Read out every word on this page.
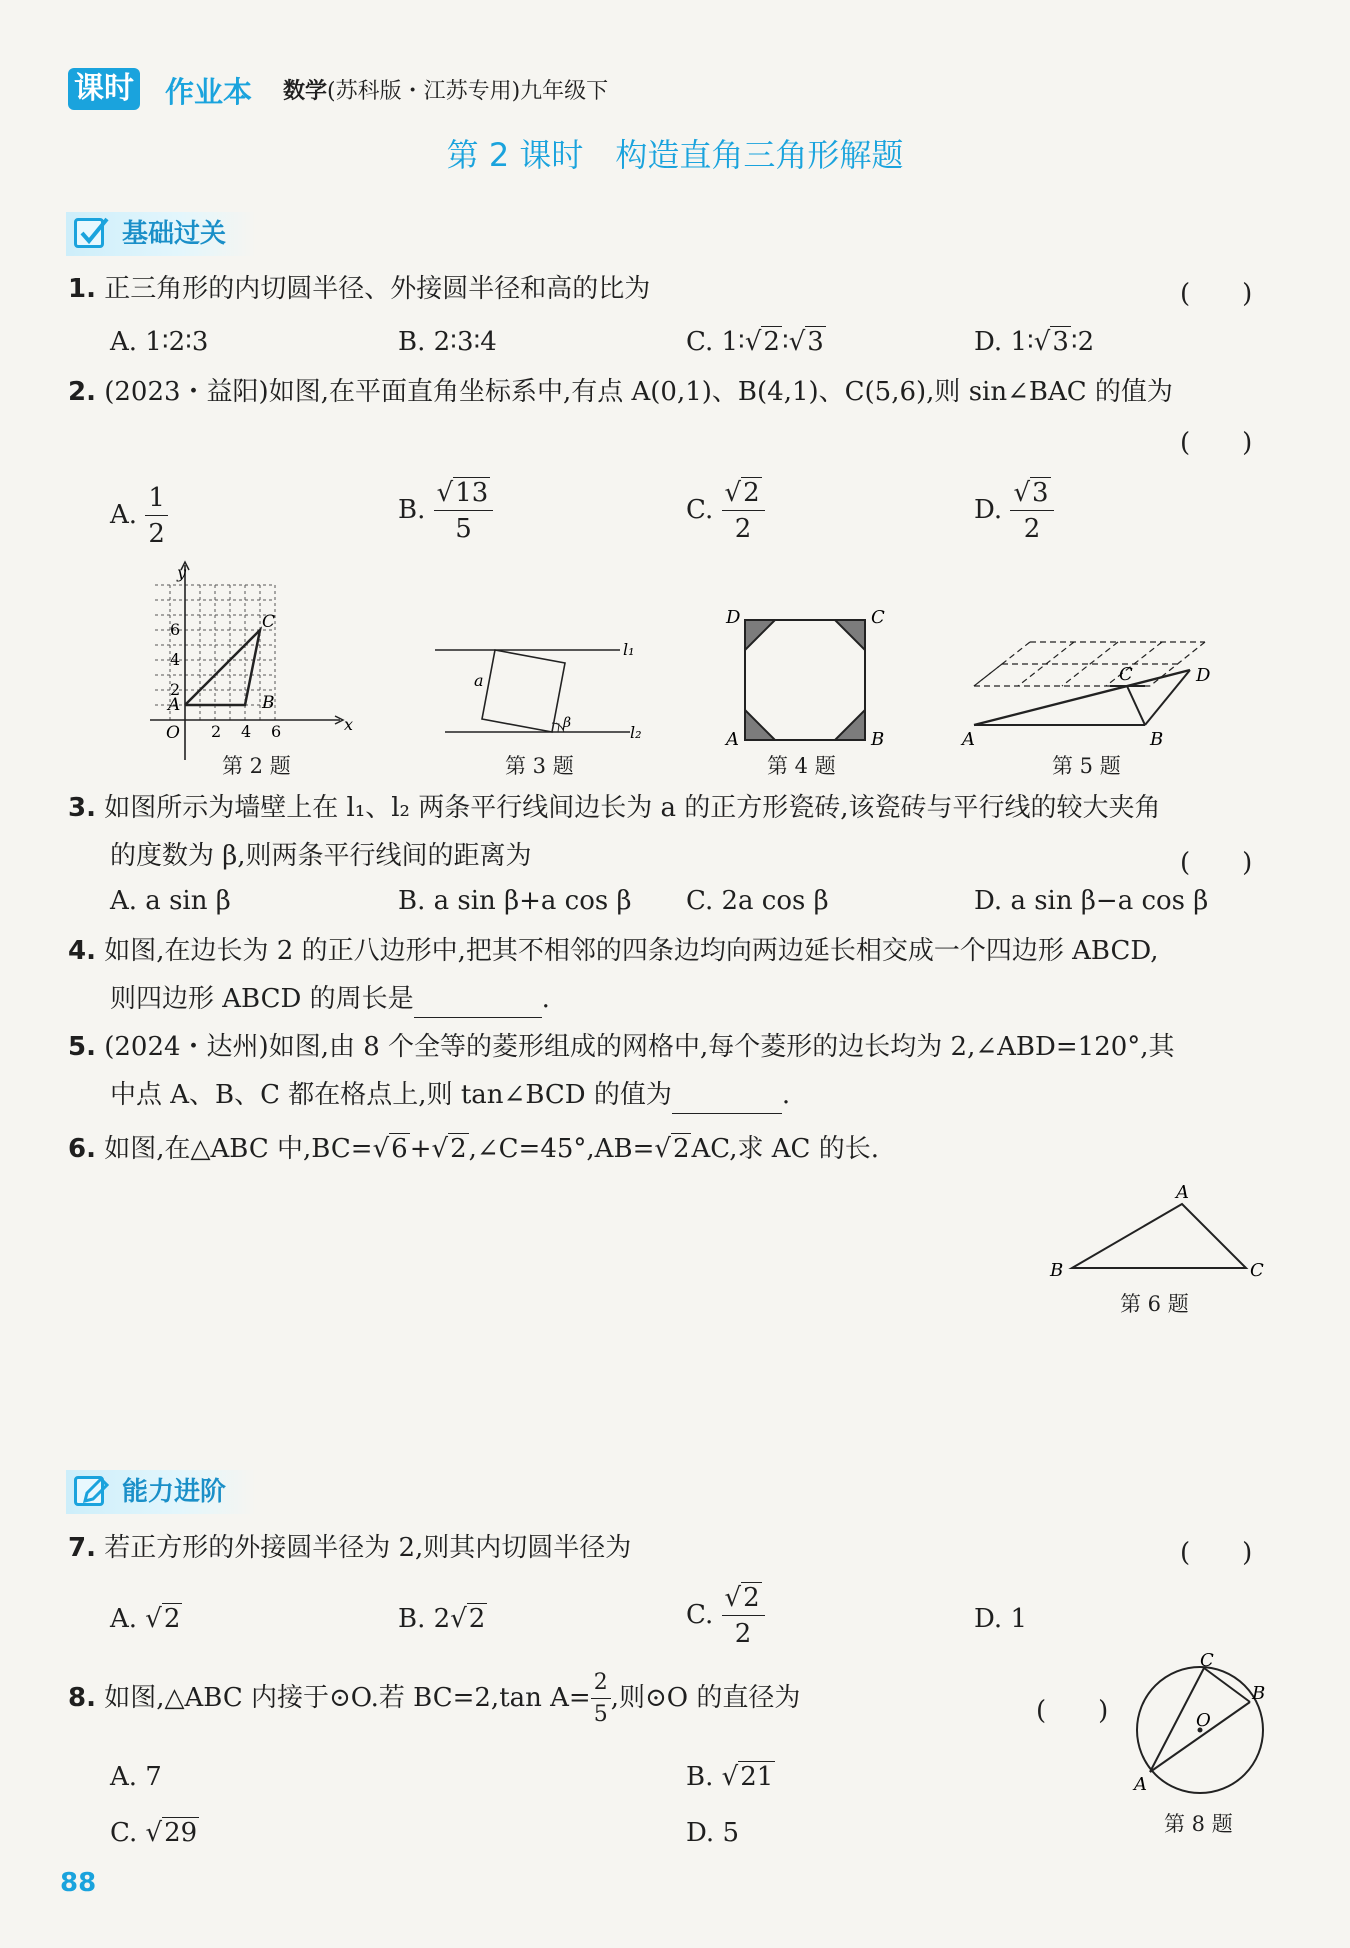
课时 作业本 数学(苏科版・江苏专用)九年级下
第 2 课时　构造直角三角形解题
基础过关
1. 正三角形的内切圆半径、外接圆半径和高的比为	(　　)
A. 1∶2∶3	B. 2∶3∶4	C. 1∶√2∶√3	D. 1∶√3∶2
2. (2023・益阳)如图,在平面直角坐标系中,有点 A(0,1)、B(4,1)、C(5,6),则 sin∠BAC 的值为
(　　)
A. $\frac{1}{2}$	B. $\frac{√13}{5}$	C. $\frac{√2}{2}$	D. $\frac{√3}{2}$
y
x
O
6
4
2
2 4 6
A	B
C
第 2 题
l₁
l₂
a
β
第 3 题
D	C
A	B
第 4 题
A	B
C	D
第 5 题
3. 如图所示为墙壁上在 l₁、l₂ 两条平行线间边长为 a 的正方形瓷砖,该瓷砖与平行线的较大夹角
的度数为 β,则两条平行线间的距离为	(　　)
A. a sin β	B. a sin β+a cos β C. 2a cos β	D. a sin β−a cos β
4. 如图,在边长为 2 的正八边形中,把其不相邻的四条边均向两边延长相交成一个四边形 ABCD,
则四边形 ABCD 的周长是	.
5. (2024・达州)如图,由 8 个全等的菱形组成的网格中,每个菱形的边长均为 2,∠ABD=120°,其
中点 A、B、C 都在格点上,则 tan∠BCD 的值为	.
6. 如图,在△ABC 中,BC=√6+√2,∠C=45°,AB=√2AC,求 AC 的长.
A
B	C
第 6 题
能力进阶
7. 若正方形的外接圆半径为 2,则其内切圆半径为	(　　)
A. √2	B. 2√2	C. $\frac{√2}{2}$	D. 1
8. 如图,△ABC 内接于⊙O.若 BC=2,tan $A= \frac{2}{5}$ ,则⊙O 的直径为	(　　)
A. 7	B. √21
C. √29	D. 5
C
B
A
O
第 8 题
88
